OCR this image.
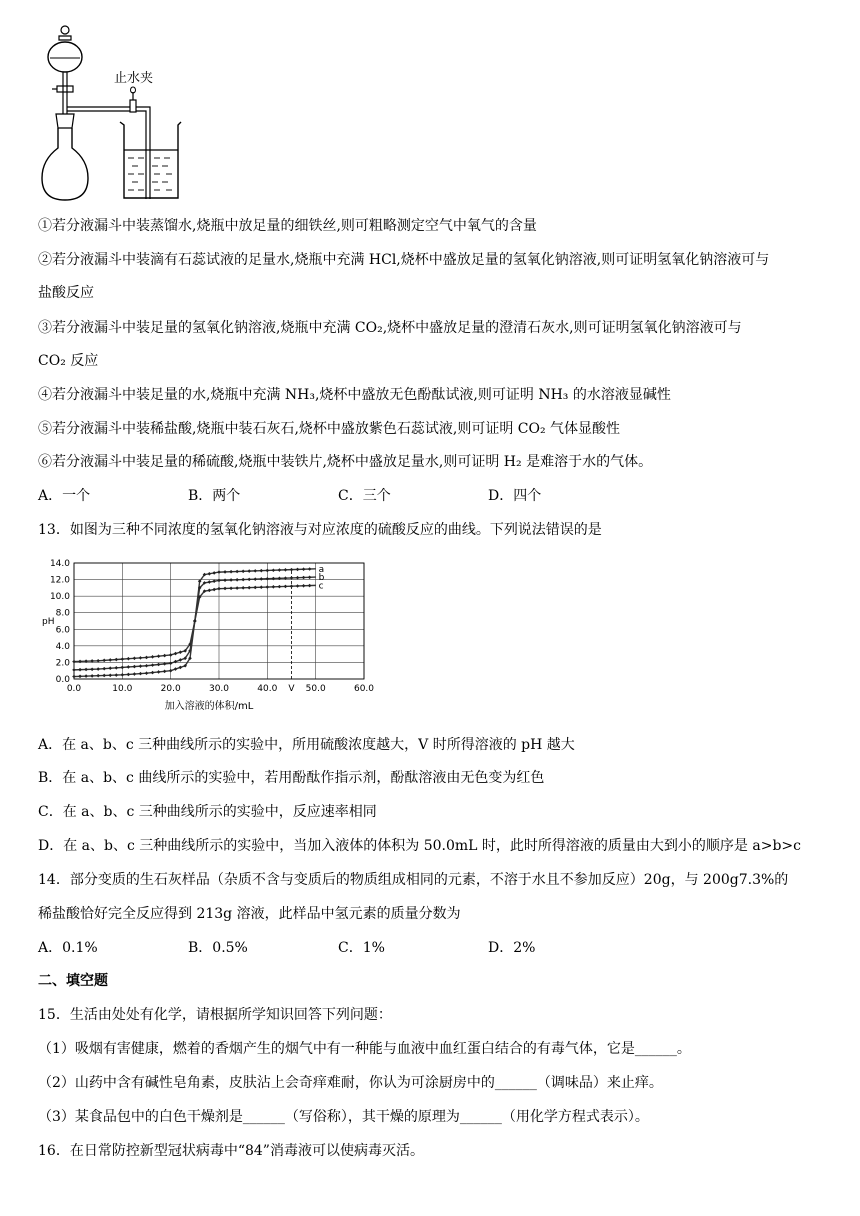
止水夹
①若分液漏斗中装蒸馏水,烧瓶中放足量的细铁丝,则可粗略测定空气中氧气的含量
②若分液漏斗中装滴有石蕊试液的足量水,烧瓶中充满 HCl,烧杯中盛放足量的氢氧化钠溶液,则可证明氢氧化钠溶液可与
盐酸反应
③若分液漏斗中装足量的氢氧化钠溶液,烧瓶中充满 CO₂,烧杯中盛放足量的澄清石灰水,则可证明氢氧化钠溶液可与
CO₂ 反应
④若分液漏斗中装足量的水,烧瓶中充满 NH₃,烧杯中盛放无色酚酞试液,则可证明 NH₃ 的水溶液显碱性
⑤若分液漏斗中装稀盐酸,烧瓶中装石灰石,烧杯中盛放紫色石蕊试液,则可证明 CO₂ 气体显酸性
⑥若分液漏斗中装足量的稀硫酸,烧瓶中装铁片,烧杯中盛放足量水,则可证明 H₂ 是难溶于水的气体。
A．一个	B．两个	C．三个	D．四个
13．如图为三种不同浓度的氢氧化钠溶液与对应浓度的硫酸反应的曲线。下列说法错误的是
0.0
2.0
4.0
6.0
8.0
10.0
12.0
14.0
0.0	10.0	20.0	30.0	40.0	50.0	60.0
V
pH
加入溶液的体积/mL
a
b
c
A．在 a、b、c 三种曲线所示的实验中，所用硫酸浓度越大，V 时所得溶液的 pH 越大
B．在 a、b、c 曲线所示的实验中，若用酚酞作指示剂，酚酞溶液由无色变为红色
C．在 a、b、c 三种曲线所示的实验中，反应速率相同
D．在 a、b、c 三种曲线所示的实验中，当加入液体的体积为 50.0mL 时，此时所得溶液的质量由大到小的顺序是 a>b>c
14．部分变质的生石灰样品（杂质不含与变质后的物质组成相同的元素，不溶于水且不参加反应）20g，与 200g7.3%的
稀盐酸恰好完全反应得到 213g 溶液，此样品中氢元素的质量分数为
A．0.1%	B．0.5%	C．1%	D．2%
二、填空题
15．生活由处处有化学，请根据所学知识回答下列问题：
（1）吸烟有害健康，燃着的香烟产生的烟气中有一种能与血液中血红蛋白结合的有毒气体，它是______。
（2）山药中含有碱性皂角素，皮肤沾上会奇痒难耐，你认为可涂厨房中的______（调味品）来止痒。
（3）某食品包中的白色干燥剂是______（写俗称），其干燥的原理为______（用化学方程式表示）。
16．在日常防控新型冠状病毒中“84”消毒液可以使病毒灭活。
